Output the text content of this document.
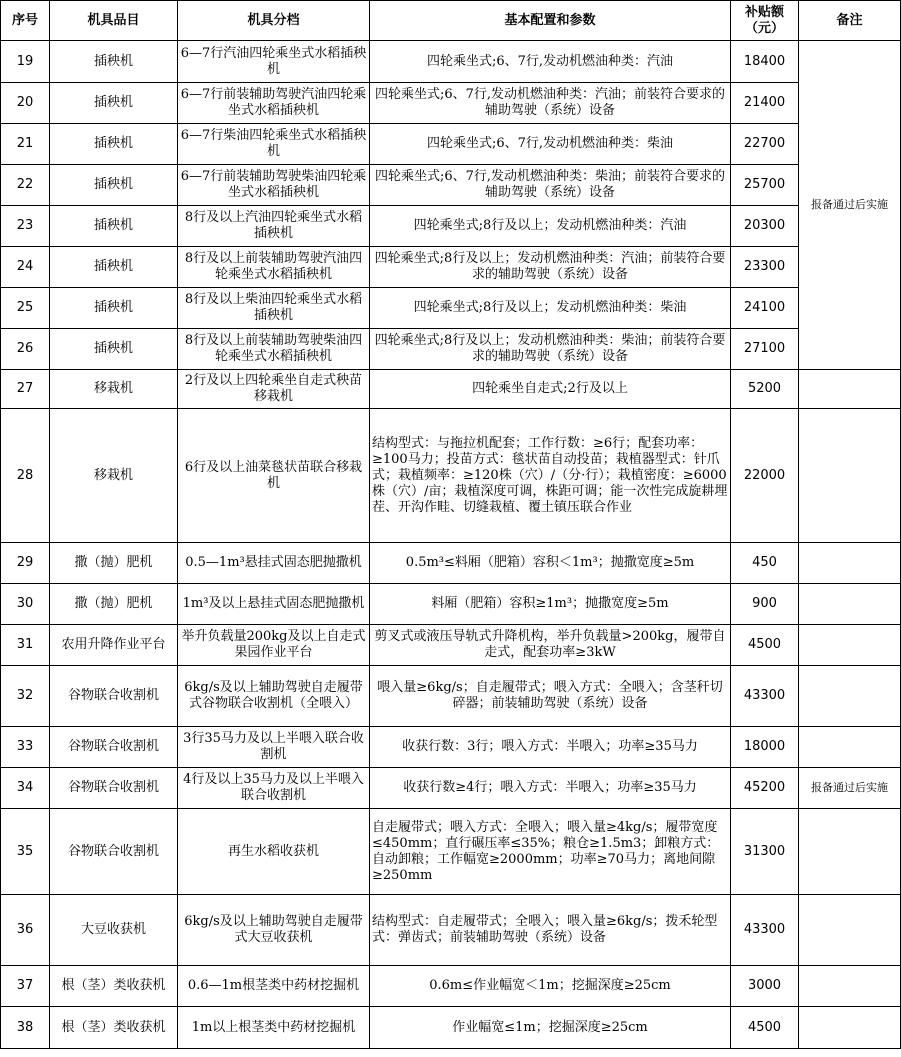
序号	机具品目	机具分档	基本配置和参数	补贴额（元）	备注
19	插秧机	6—7行汽油四轮乘坐式水稻插秧机	四轮乘坐式;6、7行,发动机燃油种类：汽油	18400	报备通过后实施
20	插秧机	6—7行前装辅助驾驶汽油四轮乘坐式水稻插秧机	四轮乘坐式;6、7行,发动机燃油种类：汽油；前装符合要求的辅助驾驶（系统）设备	21400	
21	插秧机	6—7行柴油四轮乘坐式水稻插秧机	四轮乘坐式;6、7行,发动机燃油种类：柴油	22700	
22	插秧机	6—7行前装辅助驾驶柴油四轮乘坐式水稻插秧机	四轮乘坐式;6、7行,发动机燃油种类：柴油；前装符合要求的辅助驾驶（系统）设备	25700	
23	插秧机	8行及以上汽油四轮乘坐式水稻插秧机	四轮乘坐式;8行及以上；发动机燃油种类：汽油	20300	
24	插秧机	8行及以上前装辅助驾驶汽油四轮乘坐式水稻插秧机	四轮乘坐式;8行及以上；发动机燃油种类：汽油；前装符合要求的辅助驾驶（系统）设备	23300	
25	插秧机	8行及以上柴油四轮乘坐式水稻插秧机	四轮乘坐式;8行及以上；发动机燃油种类：柴油	24100	
26	插秧机	8行及以上前装辅助驾驶柴油四轮乘坐式水稻插秧机	四轮乘坐式;8行及以上；发动机燃油种类：柴油；前装符合要求的辅助驾驶（系统）设备	27100	
27	移栽机	2行及以上四轮乘坐自走式秧苗移栽机	四轮乘坐自走式;2行及以上	5200	
28	移栽机	6行及以上油菜毯状苗联合移栽机	结构型式：与拖拉机配套；工作行数：≥6行；配套功率：≥100马力；投苗方式：毯状苗自动投苗；栽植器型式：针爪式；栽植频率：≥120株（穴）/（分·行）；栽植密度：≥6000株（穴）/亩；栽植深度可调，株距可调；能一次性完成旋耕埋茬、开沟作畦、切缝栽植、覆土镇压联合作业	22000	
29	撒（抛）肥机	0.5—1m³悬挂式固态肥抛撒机	0.5m³≤料厢（肥箱）容积＜1m³；抛撒宽度≥5m	450	
30	撒（抛）肥机	1m³及以上悬挂式固态肥抛撒机	料厢（肥箱）容积≥1m³；抛撒宽度≥5m	900	
31	农用升降作业平台	举升负载量200kg及以上自走式果园作业平台	剪叉式或液压导轨式升降机构，举升负载量>200kg，履带自走式，配套功率≥3kW	4500	
32	谷物联合收割机	6kg/s及以上辅助驾驶自走履带式谷物联合收割机（全喂入）	喂入量≥6kg/s；自走履带式；喂入方式：全喂入；含茎秆切碎器；前装辅助驾驶（系统）设备	43300	
33	谷物联合收割机	3行35马力及以上半喂入联合收割机	收获行数：3行；喂入方式：半喂入；功率≥35马力	18000	
34	谷物联合收割机	4行及以上35马力及以上半喂入联合收割机	收获行数≥4行；喂入方式：半喂入；功率≥35马力	45200	报备通过后实施
35	谷物联合收割机	再生水稻收获机	自走履带式；喂入方式：全喂入；喂入量≥4kg/s；履带宽度≤450mm；直行碾压率≤35%；粮仓≥1.5m3；卸粮方式：自动卸粮；工作幅宽≥2000mm；功率≥70马力；离地间隙≥250mm	31300	
36	大豆收获机	6kg/s及以上辅助驾驶自走履带式大豆收获机	结构型式：自走履带式；全喂入；喂入量≥6kg/s；拨禾轮型式：弹齿式；前装辅助驾驶（系统）设备	43300	
37	根（茎）类收获机	0.6—1m根茎类中药材挖掘机	0.6m≤作业幅宽＜1m；挖掘深度≥25cm	3000	
38	根（茎）类收获机	1m以上根茎类中药材挖掘机	作业幅宽≤1m；挖掘深度≥25cm	4500	
